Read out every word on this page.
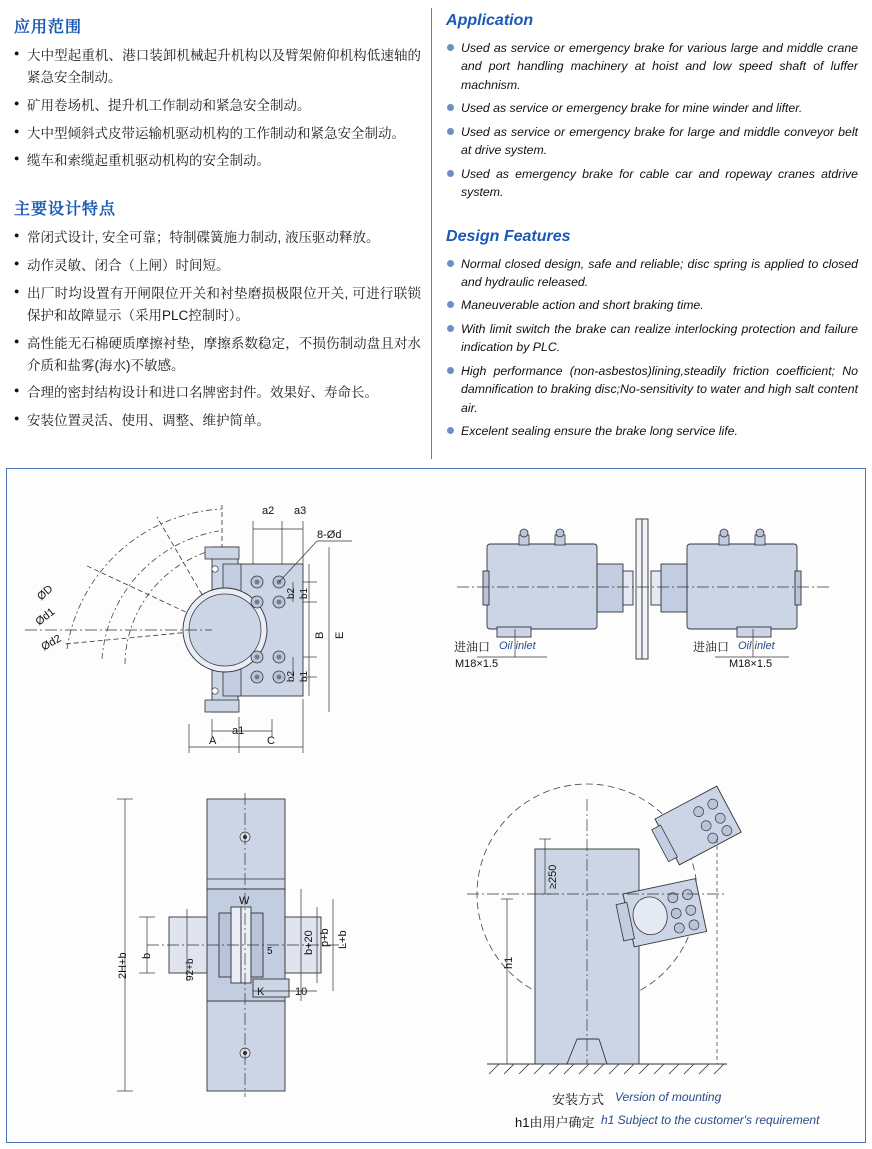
应用范围
● 大中型起重机、港口装卸机械起升机构以及臂架俯仰机构低速轴的紧急安全制动。
● 矿用卷场机、提升机工作制动和紧急安全制动。
● 大中型倾斜式皮带运输机驱动机构的工作制动和紧急安全制动。
● 缆车和索缆起重机驱动机构的安全制动。
主要设计特点
● 常闭式设计, 安全可靠；特制碟簧施力制动, 液压驱动释放。
● 动作灵敏、闭合（上闸）时间短。
● 出厂时均设置有开闸限位开关和衬垫磨损极限位开关, 可进行联锁保护和故障显示（采用PLC控制时）。
● 高性能无石棉硬质摩擦衬垫，摩擦系数稳定，不损伤制动盘且对水介质和盐雾(海水)不敏感。
● 合理的密封结构设计和进口名牌密封件。效果好、寿命长。
● 安装位置灵活、使用、调整、维护简单。
Application
Used as service or emergency brake for various large and middle crane and port handling machinery at hoist and low speed shaft of luffer machnism.
Used as service or emergency brake for mine winder and lifter.
Used as service or emergency brake for large and middle conveyor belt at drive system.
Used as emergency brake for cable car and ropeway cranes atdrive system.
Design Features
Normal closed design, safe and reliable; disc spring is applied to closed and hydraulic released.
Maneuverable action and short braking time.
With limit switch the brake can realize interlocking protection and failure indication by PLC.
High performance (non-asbestos)lining,steadily friction coefficient; No damnification to braking disc;No-sensitivity to water and high salt content air.
Excelent sealing ensure the brake long service life.
a2 a3
8-Ød
ØD
Ød1
Ød2
b1
b2
b2 b1
B E
a1
A	C
进油口 Oil inlet
M18×1.5
进油口 Oil inlet
M18×1.5
2H+b b
92+b
W
5	b+20 p+b L+b
K	10
≥250
h1
安装方式 Version of mounting
h1由用户确定 h1 Subject to the customer's requirement
